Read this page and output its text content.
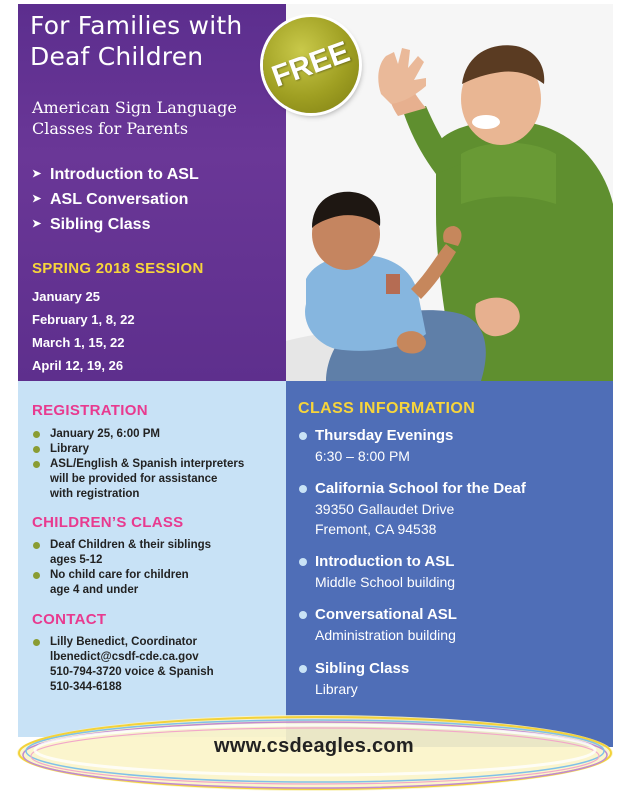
For Families with
Deaf Children

American Sign Language
Classes for Parents

➤ Introduction to ASL
➤ ASL Conversation
➤ Sibling Class
SPRING 2018 SESSION
January 25
February 1, 8, 22
March 1, 15, 22
April 12, 19, 26
FREE
REGISTRATION
January 25, 6:00 PM
Library
ASL/English & Spanish interpreters
will be provided for assistance
with registration
CHILDREN’S CLASS
Deaf Children & their siblings
ages 5-12
No child care for children
age 4 and under
CONTACT
Lilly Benedict, Coordinator
lbenedict@csdf-cde.ca.gov
510-794-3720 voice & Spanish
510-344-6188
CLASS INFORMATION
Thursday Evenings
6:30 – 8:00 PM
California School for the Deaf
39350 Gallaudet Drive
Fremont, CA 94538
Introduction to ASL
Middle School building
Conversational ASL
Administration building
Sibling Class
Library
www.csdeagles.com
